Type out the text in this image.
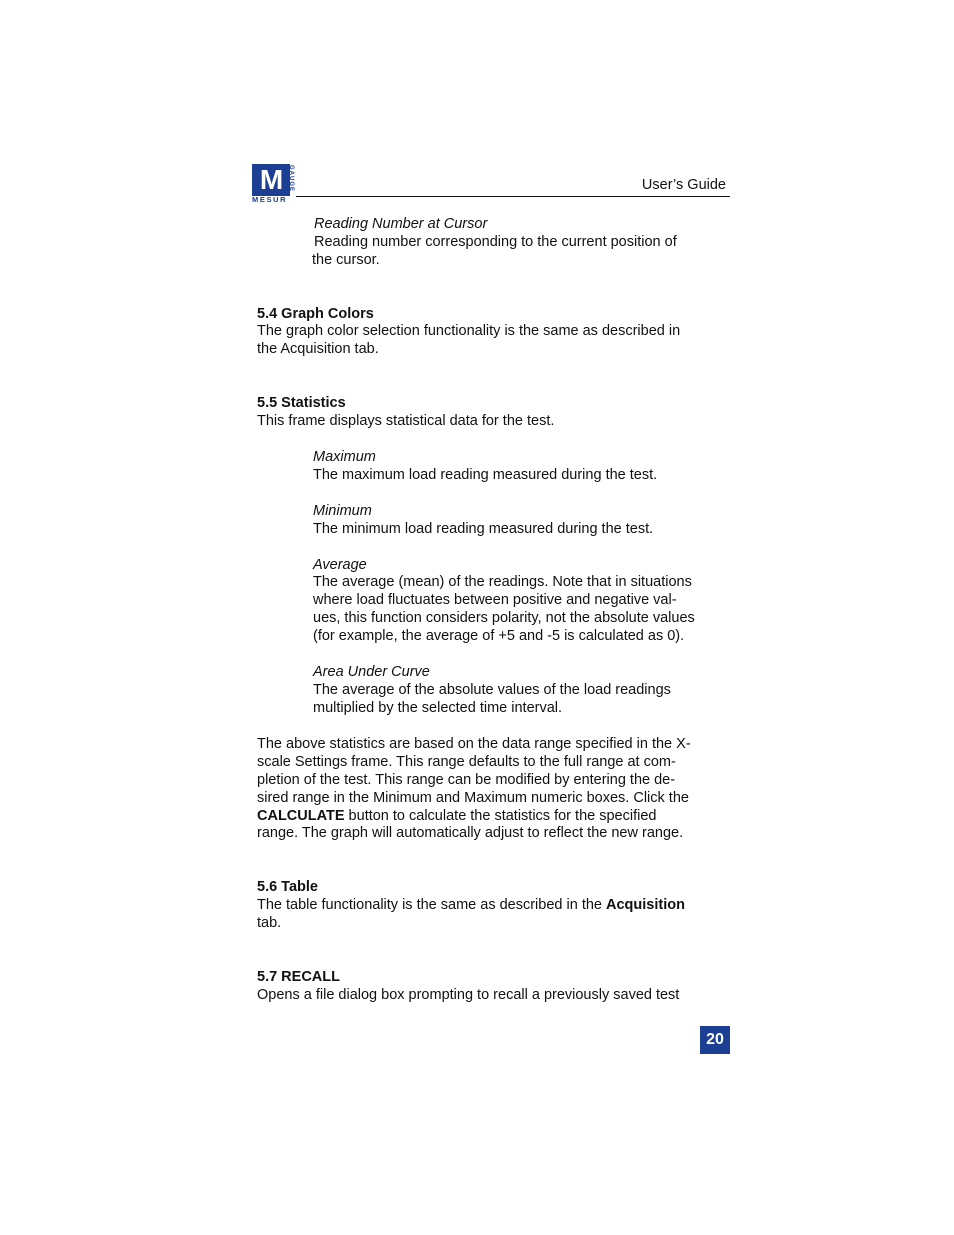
M GAUGE
MESUR
User’s Guide
Reading Number at Cursor
Reading number corresponding to the current position of
the cursor.
5.4 Graph Colors
The graph color selection functionality is the same as described in
the Acquisition tab.
5.5 Statistics
This frame displays statistical data for the test.
Maximum
The maximum load reading measured during the test.
Minimum
The minimum load reading measured during the test.
Average
The average (mean) of the readings. Note that in situations
where load fluctuates between positive and negative val-
ues, this function considers polarity, not the absolute values
(for example, the average of +5 and -5 is calculated as 0).
Area Under Curve
The average of the absolute values of the load readings
multiplied by the selected time interval.
The above statistics are based on the data range specified in the X-
scale Settings frame. This range defaults to the full range at com-
pletion of the test. This range can be modified by entering the de-
sired range in the Minimum and Maximum numeric boxes. Click the
CALCULATE button to calculate the statistics for the specified
range. The graph will automatically adjust to reflect the new range.
5.6 Table
The table functionality is the same as described in the Acquisition
tab.
5.7 RECALL
Opens a file dialog box prompting to recall a previously saved test
20
